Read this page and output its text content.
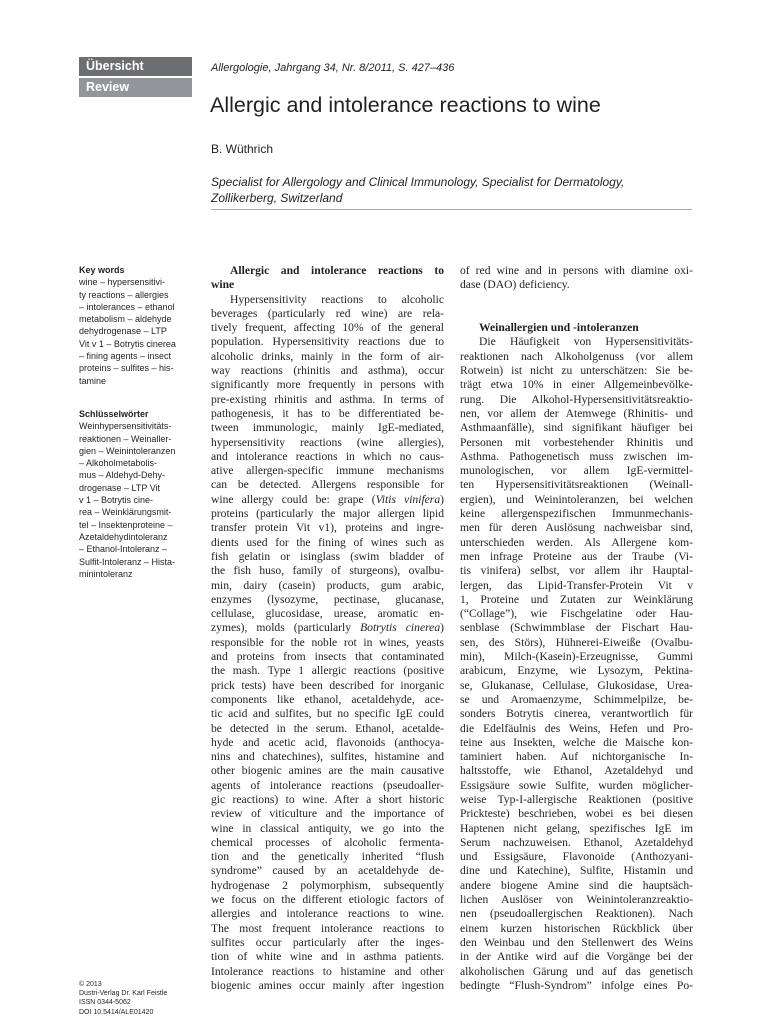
Übersicht
Review
Allergologie, Jahrgang 34, Nr. 8/2011, S. 427–436
Allergic and intolerance reactions to wine
B. Wüthrich
Specialist for Allergology and Clinical Immunology, Specialist for Dermatology,
Zollikerberg, Switzerland
Key words
wine – hypersensitivi-
ty reactions – allergies
– intolerances – ethanol
metabolism – aldehyde
dehydrogenase – LTP
Vit v 1 – Botrytis cinerea
– fining agents – insect
proteins – sulfites – his-
tamine
Schlüsselwörter
Weinhypersensitivitäts-
reaktionen – Weinaller-
gien – Weinintoleranzen
– Alkoholmetabolis-
mus – Aldehyd-Dehy-
drogenase – LTP Vit
v 1 – Botrytis cine-
rea – Weinklärungsmit-
tel – Insektenproteine –
Azetaldehydintoleranz
– Ethanol-Intoleranz –
Sulfit-Intoleranz – Hista-
minintoleranz
© 2013
Dustri-Verlag Dr. Karl Feistle
ISSN 0344-5062
DOI 10.5414/ALE01420
Allergic and intolerance reactions to
wine
Hypersensitivity reactions to alcoholic
beverages (particularly red wine) are rela-
tively frequent, affecting 10% of the general
population. Hypersensitivity reactions due to
alcoholic drinks, mainly in the form of air-
way reactions (rhinitis and asthma), occur
significantly more frequently in persons with
pre-existing rhinitis and asthma. In terms of
pathogenesis, it has to be differentiated be-
tween immunologic, mainly IgE-mediated,
hypersensitivity reactions (wine allergies),
and intolerance reactions in which no caus-
ative allergen-specific immune mechanisms
can be detected. Allergens responsible for
wine allergy could be: grape (Vitis vinifera)
proteins (particularly the major allergen lipid
transfer protein Vit v1), proteins and ingre-
dients used for the fining of wines such as
fish gelatin or isinglass (swim bladder of
the fish huso, family of sturgeons), ovalbu-
min, dairy (casein) products, gum arabic,
enzymes (lysozyme, pectinase, glucanase,
cellulase, glucosidase, urease, aromatic en-
zymes), molds (particularly Botrytis cinerea)
responsible for the noble rot in wines, yeasts
and proteins from insects that contaminated
the mash. Type 1 allergic reactions (positive
prick tests) have been described for inorganic
components like ethanol, acetaldehyde, ace-
tic acid and sulfites, but no specific IgE could
be detected in the serum. Ethanol, acetalde-
hyde and acetic acid, flavonoids (anthocya-
nins and chatechines), sulfites, histamine and
other biogenic amines are the main causative
agents of intolerance reactions (pseudoaller-
gic reactions) to wine. After a short historic
review of viticulture and the importance of
wine in classical antiquity, we go into the
chemical processes of alcoholic fermenta-
tion and the genetically inherited “flush
syndrome” caused by an acetaldehyde de-
hydrogenase 2 polymorphism, subsequently
we focus on the different etiologic factors of
allergies and intolerance reactions to wine.
The most frequent intolerance reactions to
sulfites occur particularly after the inges-
tion of white wine and in asthma patients.
Intolerance reactions to histamine and other
biogenic amines occur mainly after ingestion
of red wine and in persons with diamine oxi-
dase (DAO) deficiency.
Weinallergien und -intoleranzen
Die Häufigkeit von Hypersensitivitäts-
reaktionen nach Alkoholgenuss (vor allem
Rotwein) ist nicht zu unterschätzen: Sie be-
trägt etwa 10% in einer Allgemeinbevölke-
rung. Die Alkohol-Hypersensitivitätsreaktio-
nen, vor allem der Atemwege (Rhinitis- und
Asthmaanfälle), sind signifikant häufiger bei
Personen mit vorbestehender Rhinitis und
Asthma. Pathogenetisch muss zwischen im-
munologischen, vor allem IgE-vermittel-
ten Hypersensitivitätsreaktionen (Weinall-
ergien), und Weinintoleranzen, bei welchen
keine allergenspezifischen Immunmechanis-
men für deren Auslösung nachweisbar sind,
unterschieden werden. Als Allergene kom-
men infrage Proteine aus der Traube (Vi-
tis vinifera) selbst, vor allem ihr Hauptal-
lergen, das Lipid-Transfer-Protein Vit v
1, Proteine und Zutaten zur Weinklärung
(“Collage”), wie Fischgelatine oder Hau-
senblase (Schwimmblase der Fischart Hau-
sen, des Störs), Hühnerei-Eiweiße (Ovalbu-
min), Milch-(Kasein)-Erzeugnisse, Gummi
arabicum, Enzyme, wie Lysozym, Pektina-
se, Glukanase, Cellulase, Glukosidase, Urea-
se und Aromaenzyme, Schimmelpilze, be-
sonders Botrytis cinerea, verantwortlich für
die Edelfäulnis des Weins, Hefen und Pro-
teine aus Insekten, welche die Maische kon-
taminiert haben. Auf nichtorganische In-
haltsstoffe, wie Ethanol, Azetaldehyd und
Essigsäure sowie Sulfite, wurden möglicher-
weise Typ-I-allergische Reaktionen (positive
Prickteste) beschrieben, wobei es bei diesen
Haptenen nicht gelang, spezifisches IgE im
Serum nachzuweisen. Ethanol, Azetaldehyd
und Essigsäure, Flavonoide (Anthozyani-
dine und Katechine), Sulfite, Histamin und
andere biogene Amine sind die hauptsäch-
lichen Auslöser von Weinintoleranzreaktio-
nen (pseudoallergischen Reaktionen). Nach
einem kurzen historischen Rückblick über
den Weinbau und den Stellenwert des Weins
in der Antike wird auf die Vorgänge bei der
alkoholischen Gärung und auf das genetisch
bedingte “Flush-Syndrom” infolge eines Po-
